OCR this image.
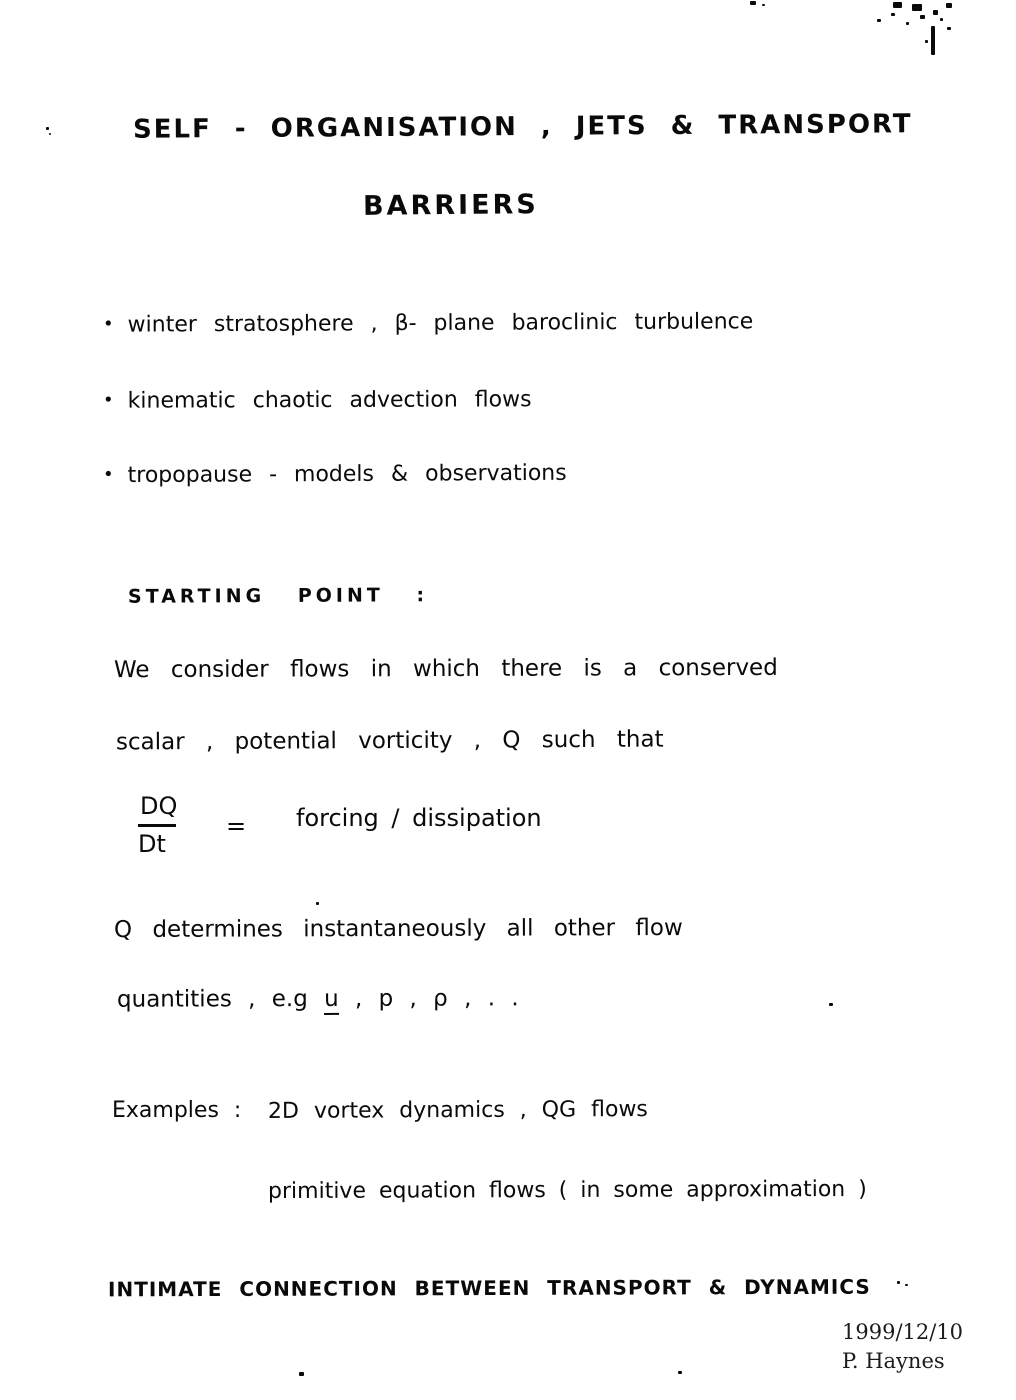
SELF - ORGANISATION , JETS & TRANSPORT
BARRIERS
• winter stratosphere , β- plane baroclinic turbulence
• kinematic chaotic advection flows
• tropopause - models & observations
STARTING POINT :
We consider flows in which there is a conserved
scalar , potential vorticity , Q such that
$\frac{DQ}{Dt}$ = forcing / dissipation
Q determines instantaneously all other flow
quantities , e.g u , p , ρ , . .
Examples : 2D vortex dynamics , QG flows
primitive equation flows ( in some approximation )
INTIMATE CONNECTION BETWEEN TRANSPORT & DYNAMICS
1999/12/10
P. Haynes
